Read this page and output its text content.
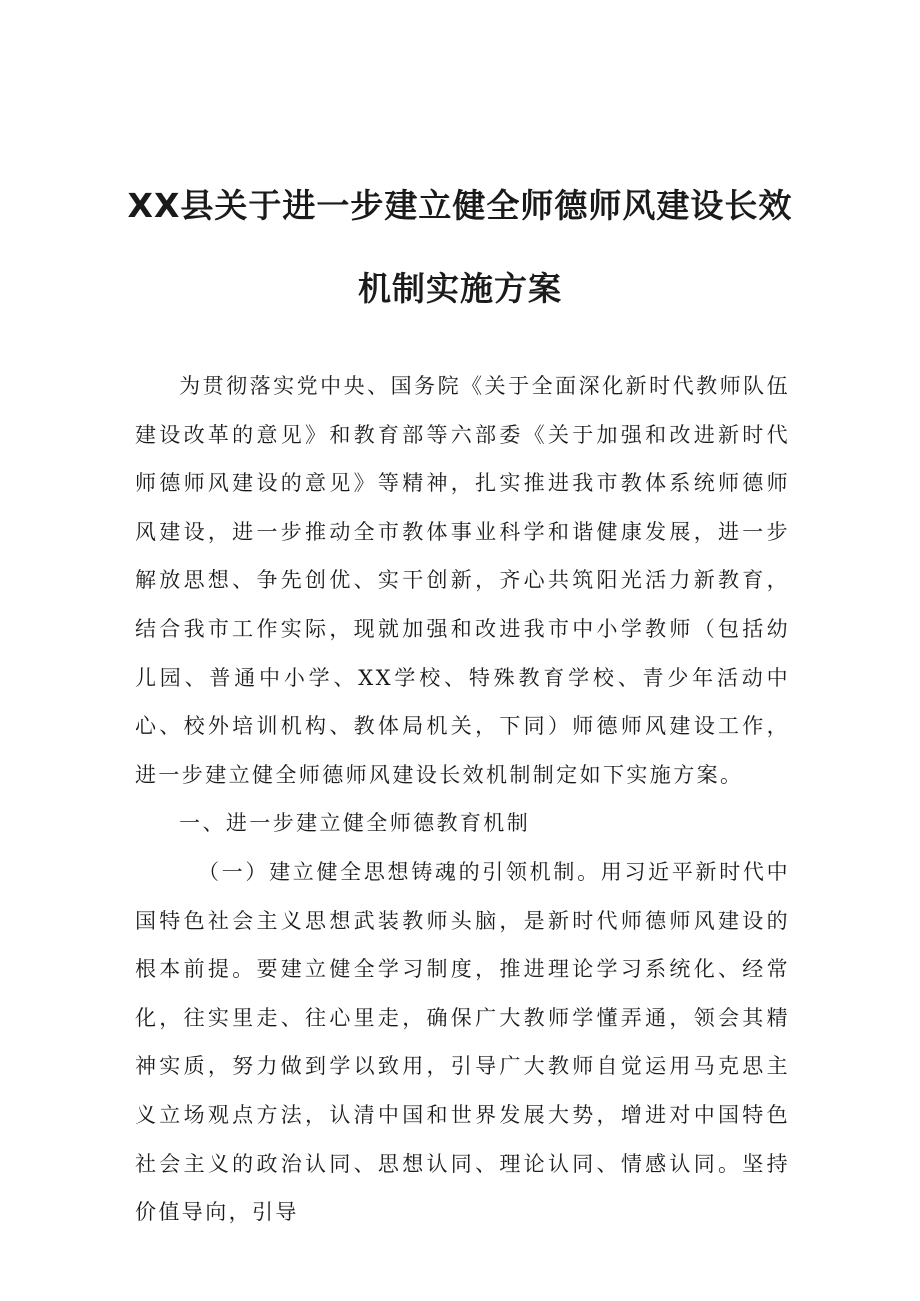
XX县关于进一步建立健全师德师风建设长效
机制实施方案

为贯彻落实党中央、国务院《关于全面深化新时代教师队伍建设改革的意见》和教育部等六部委《关于加强和改进新时代师德师风建设的意见》等精神，扎实推进我市教体系统师德师风建设，进一步推动全市教体事业科学和谐健康发展，进一步解放思想、争先创优、实干创新，齐心共筑阳光活力新教育，结合我市工作实际，现就加强和改进我市中小学教师（包括幼儿园、普通中小学、XX学校、特殊教育学校、青少年活动中心、校外培训机构、教体局机关，下同）师德师风建设工作，进一步建立健全师德师风建设长效机制制定如下实施方案。

一、进一步建立健全师德教育机制

（一）建立健全思想铸魂的引领机制。用习近平新时代中国特色社会主义思想武装教师头脑，是新时代师德师风建设的根本前提。要建立健全学习制度，推进理论学习系统化、经常化，往实里走、往心里走，确保广大教师学懂弄通，领会其精神实质，努力做到学以致用，引导广大教师自觉运用马克思主义立场观点方法，认清中国和世界发展大势，增进对中国特色社会主义的政治认同、思想认同、理论认同、情感认同。坚持价值导向，引导
